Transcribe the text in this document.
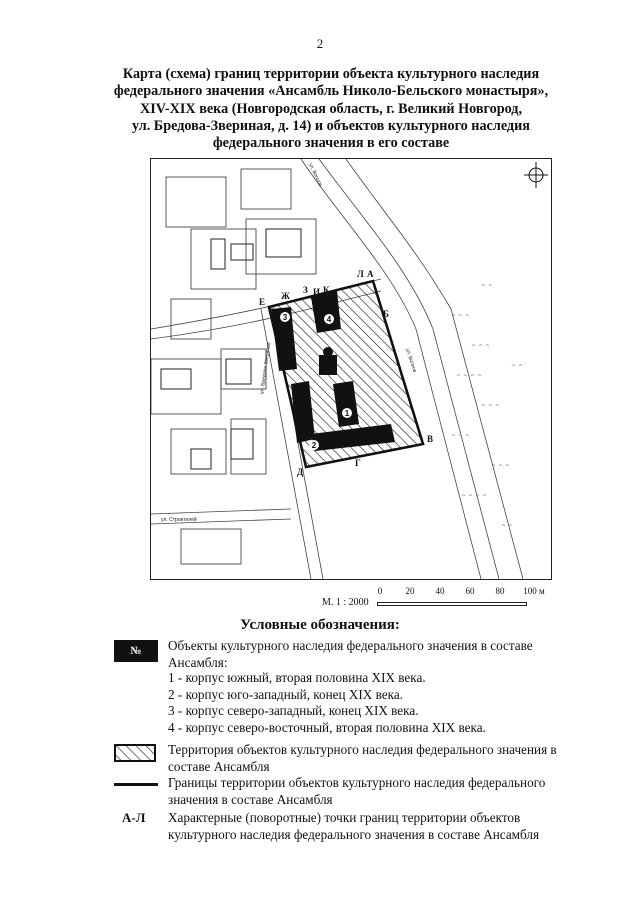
2
Карта (схема) границ территории объекта культурного наследия
федерального значения «Ансамбль Николо-Бельского монастыря»,
XIV-XIX века (Новгородская область, г. Великий Новгород,
ул. Бредова-Звериная, д. 14) и объектов культурного наследия
федерального значения в его составе
1
2
3	4
А
Б
В
Г
Д
Е
Ж
З И К
Л
ул. Волхов
ул. Волхов
ул. Бредова-Звериная
ул. Строителей
^ ^ ^
^ ^ ^
^ ^ ^ ^
^ ^ ^
^ ^ ^
^ ^ ^
^ ^ ^ ^
^ ^
^ ^
^ ^
0	20 40 60 80 100 м
М. 1 : 2000
Условные обозначения:
№	Объекты культурного наследия федерального значения в составе Ансамбля:
1 - корпус южный, вторая половина XIX века.
2 - корпус юго-западный, конец XIX века.
3 - корпус северо-западный, конец XIX века.
4 - корпус северо-восточный, вторая половина XIX века.
Территория объектов культурного наследия федерального значения в составе Ансамбля
Границы территории объектов культурного наследия федерального значения в составе Ансамбля
А-Л Характерные (поворотные) точки границ территории объектов культурного наследия федерального значения в составе Ансамбля
